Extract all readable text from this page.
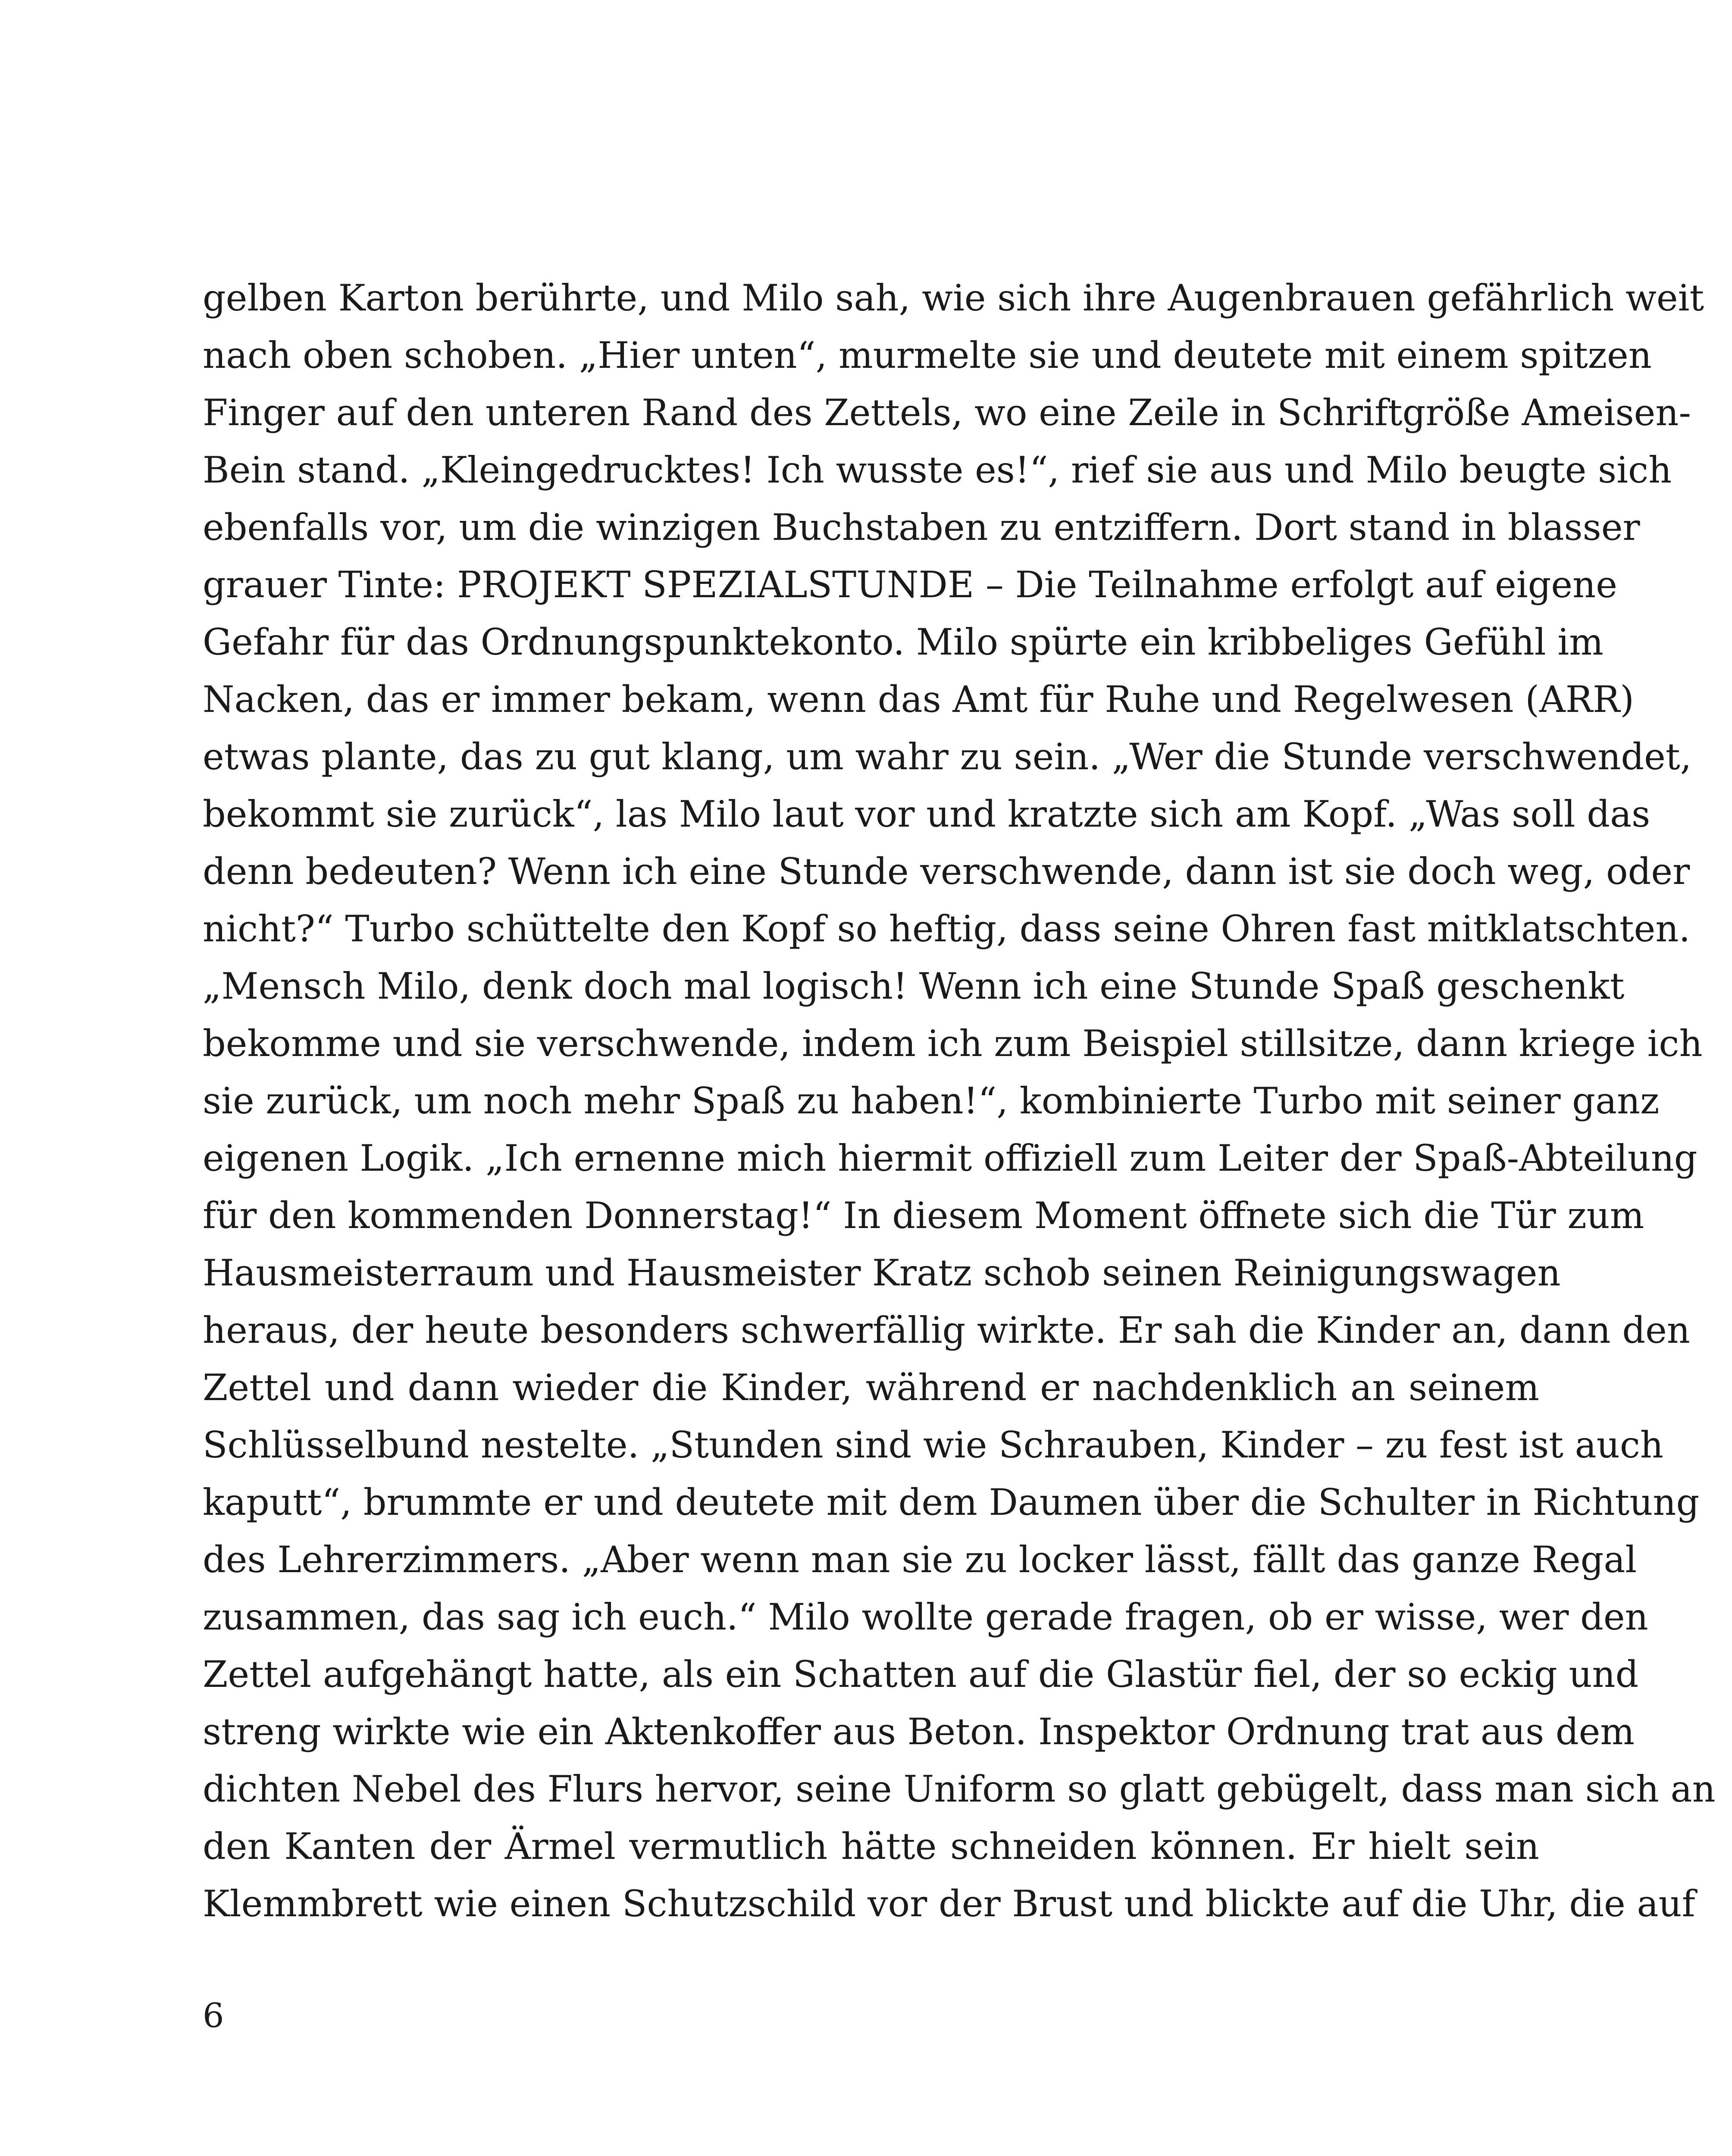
gelben Karton berührte, und Milo sah, wie sich ihre Augenbrauen gefährlich weit
nach oben schoben. „Hier unten“, murmelte sie und deutete mit einem spitzen
Finger auf den unteren Rand des Zettels, wo eine Zeile in Schriftgröße Ameisen-
Bein stand. „Kleingedrucktes! Ich wusste es!“, rief sie aus und Milo beugte sich
ebenfalls vor, um die winzigen Buchstaben zu entziffern. Dort stand in blasser
grauer Tinte: PROJEKT SPEZIALSTUNDE – Die Teilnahme erfolgt auf eigene
Gefahr für das Ordnungspunktekonto. Milo spürte ein kribbeliges Gefühl im
Nacken, das er immer bekam, wenn das Amt für Ruhe und Regelwesen (ARR)
etwas plante, das zu gut klang, um wahr zu sein. „Wer die Stunde verschwendet,
bekommt sie zurück“, las Milo laut vor und kratzte sich am Kopf. „Was soll das
denn bedeuten? Wenn ich eine Stunde verschwende, dann ist sie doch weg, oder
nicht?“ Turbo schüttelte den Kopf so heftig, dass seine Ohren fast mitklatschten.
„Mensch Milo, denk doch mal logisch! Wenn ich eine Stunde Spaß geschenkt
bekomme und sie verschwende, indem ich zum Beispiel stillsitze, dann kriege ich
sie zurück, um noch mehr Spaß zu haben!“, kombinierte Turbo mit seiner ganz
eigenen Logik. „Ich ernenne mich hiermit offiziell zum Leiter der Spaß-Abteilung
für den kommenden Donnerstag!“ In diesem Moment öffnete sich die Tür zum
Hausmeisterraum und Hausmeister Kratz schob seinen Reinigungswagen
heraus, der heute besonders schwerfällig wirkte. Er sah die Kinder an, dann den
Zettel und dann wieder die Kinder, während er nachdenklich an seinem
Schlüsselbund nestelte. „Stunden sind wie Schrauben, Kinder – zu fest ist auch
kaputt“, brummte er und deutete mit dem Daumen über die Schulter in Richtung
des Lehrerzimmers. „Aber wenn man sie zu locker lässt, fällt das ganze Regal
zusammen, das sag ich euch.“ Milo wollte gerade fragen, ob er wisse, wer den
Zettel aufgehängt hatte, als ein Schatten auf die Glastür fiel, der so eckig und
streng wirkte wie ein Aktenkoffer aus Beton. Inspektor Ordnung trat aus dem
dichten Nebel des Flurs hervor, seine Uniform so glatt gebügelt, dass man sich an
den Kanten der Ärmel vermutlich hätte schneiden können. Er hielt sein
Klemmbrett wie einen Schutzschild vor der Brust und blickte auf die Uhr, die auf
6
